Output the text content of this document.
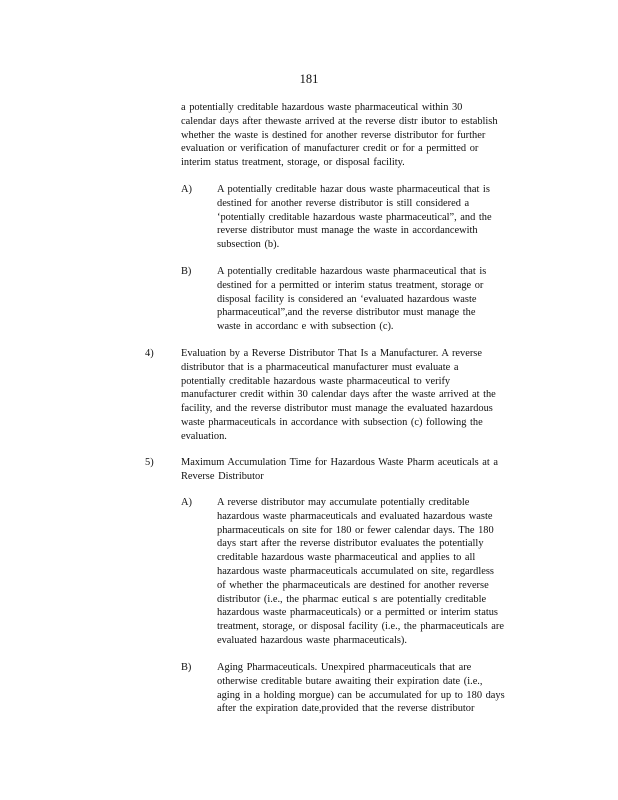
181
a potentially creditable hazardous waste pharmaceutical within 30
calendar days after thewaste arrived at the reverse distr ibutor to establish
whether the waste is destined for another reverse distributor for further
evaluation or verification of manufacturer credit or for a permitted or
interim status treatment, storage, or disposal facility.
A) A potentially creditable hazar dous waste pharmaceutical that is
destined for another reverse distributor is still considered a
‘potentially creditable hazardous waste pharmaceutical”, and the
reverse distributor must manage the waste in accordancewith
subsection (b).
B) A potentially creditable hazardous waste pharmaceutical that is
destined for a permitted or interim status treatment, storage or
disposal facility is considered an ‘evaluated hazardous waste
pharmaceutical”,and the reverse distributor must manage the
waste in accordanc e with subsection (c).
4)	Evaluation by a Reverse Distributor That Is a Manufacturer. A reverse
distributor that is a pharmaceutical manufacturer must evaluate a
potentially creditable hazardous waste pharmaceutical to verify
manufacturer credit within 30 calendar days after the waste arrived at the
facility, and the reverse distributor must manage the evaluated hazardous
waste pharmaceuticals in accordance with subsection (c) following the
evaluation.
5)	Maximum Accumulation Time for Hazardous Waste Pharm aceuticals at a
Reverse Distributor
A) A reverse distributor may accumulate potentially creditable
hazardous waste pharmaceuticals and evaluated hazardous waste
pharmaceuticals on site for 180 or fewer calendar days. The 180
days start after the reverse distributor evaluates the potentially
creditable hazardous waste pharmaceutical and applies to all
hazardous waste pharmaceuticals accumulated on site, regardless
of whether the pharmaceuticals are destined for another reverse
distributor (i.e., the pharmac eutical s are potentially creditable
hazardous waste pharmaceuticals) or a permitted or interim status
treatment, storage, or disposal facility (i.e., the pharmaceuticals are
evaluated hazardous waste pharmaceuticals).
B) Aging Pharmaceuticals. Unexpired pharmaceuticals that are
otherwise creditable butare awaiting their expiration date (i.e.,
aging in a holding morgue) can be accumulated for up to 180 days
after the expiration date,provided that the reverse distributor
